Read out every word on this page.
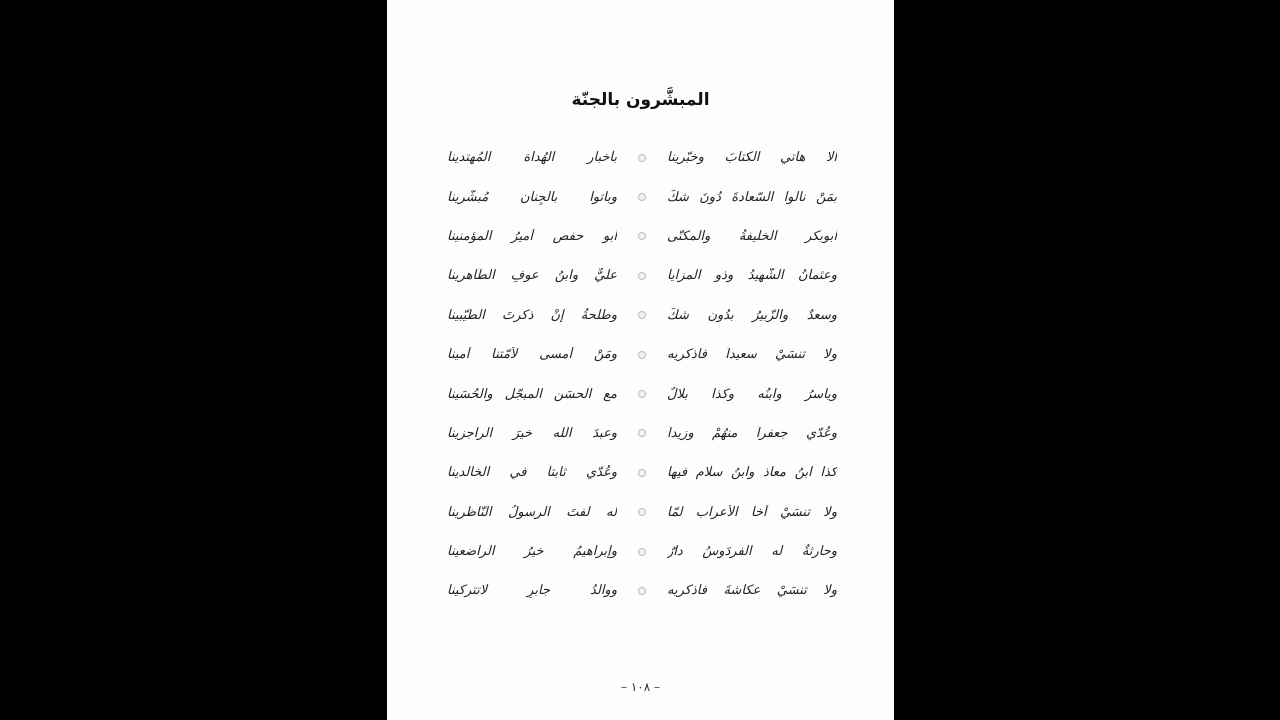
المبشَّرون بالجنّة
ألا هاتي الكتابَ وخبّرينا
بأخبار الهُداة المُهتدينا
بمَنْ نالوا السّعادةَ دُونَ شكٍّ
وباتوا بالجِنان مُبشَّرينا
أبوبكر الخليفةُ والمكنّى
أبو حفصٍ أميرُ المؤمنينا
وعثمانُ الشّهيدُ وذو المزايا
عليٌّ وابنُ عوفِ الطّاهرينا
وسعدٌ والزّبيرُ بدُون شكٍّ
وطلحةُ إنْ ذكرتَ الطّيّبينا
ولا تنسَيْ سعيداً فاذكريه
ومَنْ أمسى لأمّتنا أمينا
وياسرُ وابنُه وكذا بلالٌ
مع الحسَن المبجّل والحُسَينا
وعُدّي جعفراً منهُمْ وزيداً
وعبدَ الله خيرَ الراجزينا
كذا ابنُ معاذ وابنُ سلامٍ فيها
وعُدّي ثابتاً في الخالدينا
ولا تنسَيْ أخا الأعراب لمّا
له لفتَ الرسولُ النّاظرينا
وحارثةٌ له الفردَوسُ دارٌ
وإبراهيمُ خيرُ الراضعينا
ولا تنسَيْ عكاشةَ فاذكريه
ووالدُ جابرٍ لاتتركينا
– ١٠٨ –
